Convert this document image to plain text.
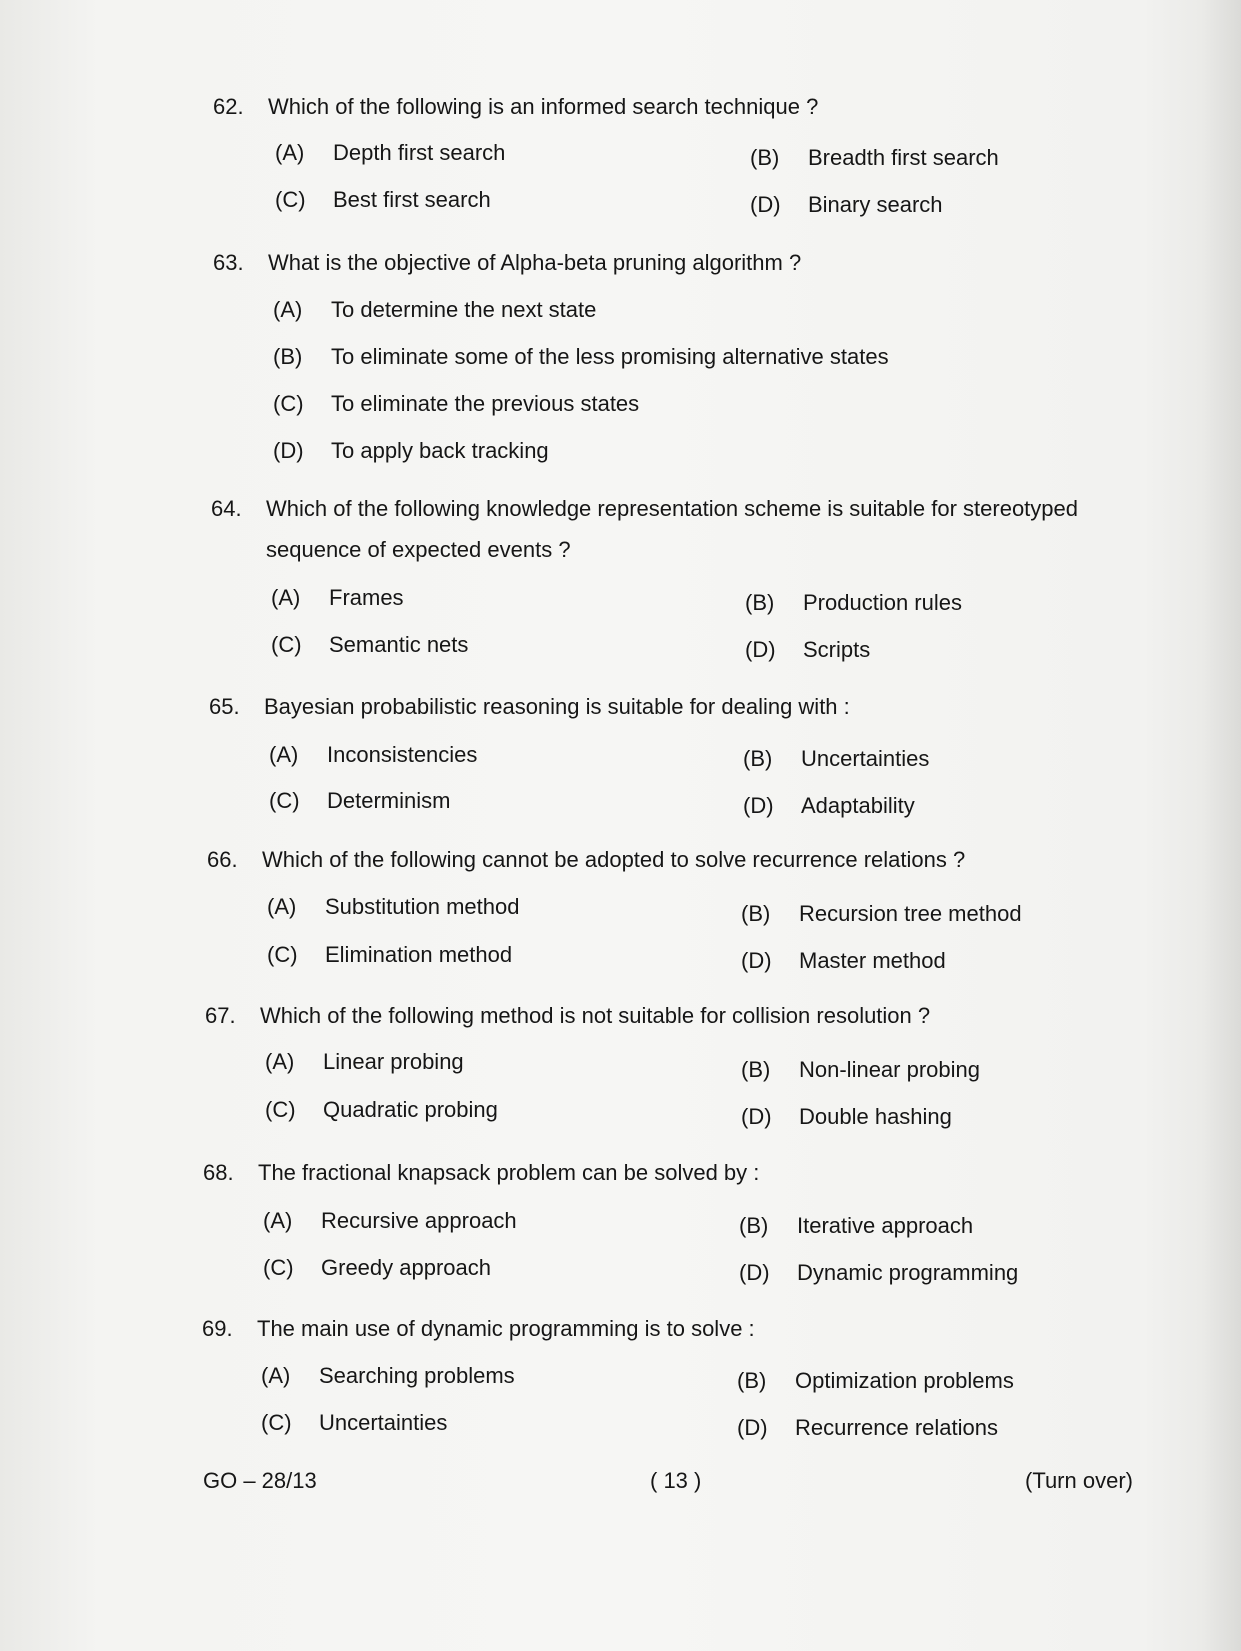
62.	Which of the following is an informed search technique ?
(A) Depth first search	(B) Breadth first search
(C) Best first search	(D) Binary search
63.	What is the objective of Alpha-beta pruning algorithm ?
(A) To determine the next state
(B) To eliminate some of the less promising alternative states
(C) To eliminate the previous states
(D) To apply back tracking
64.	Which of the following knowledge representation scheme is suitable for stereotyped
sequence of expected events ?
(A) Frames	(B) Production rules
(C) Semantic nets	(D) Scripts
65.	Bayesian probabilistic reasoning is suitable for dealing with :
(A) Inconsistencies	(B) Uncertainties
(C) Determinism	(D) Adaptability
66.	Which of the following cannot be adopted to solve recurrence relations ?
(A) Substitution method	(B) Recursion tree method
(C) Elimination method	(D) Master method
67.	Which of the following method is not suitable for collision resolution ?
(A) Linear probing	(B) Non-linear probing
(C) Quadratic probing	(D) Double hashing
68.	The fractional knapsack problem can be solved by :
(A) Recursive approach	(B) Iterative approach
(C) Greedy approach	(D) Dynamic programming
69.	The main use of dynamic programming is to solve :
(A) Searching problems	(B) Optimization problems
(C) Uncertainties	(D) Recurrence relations
GO – 28/13	( 13 )	(Turn over)
